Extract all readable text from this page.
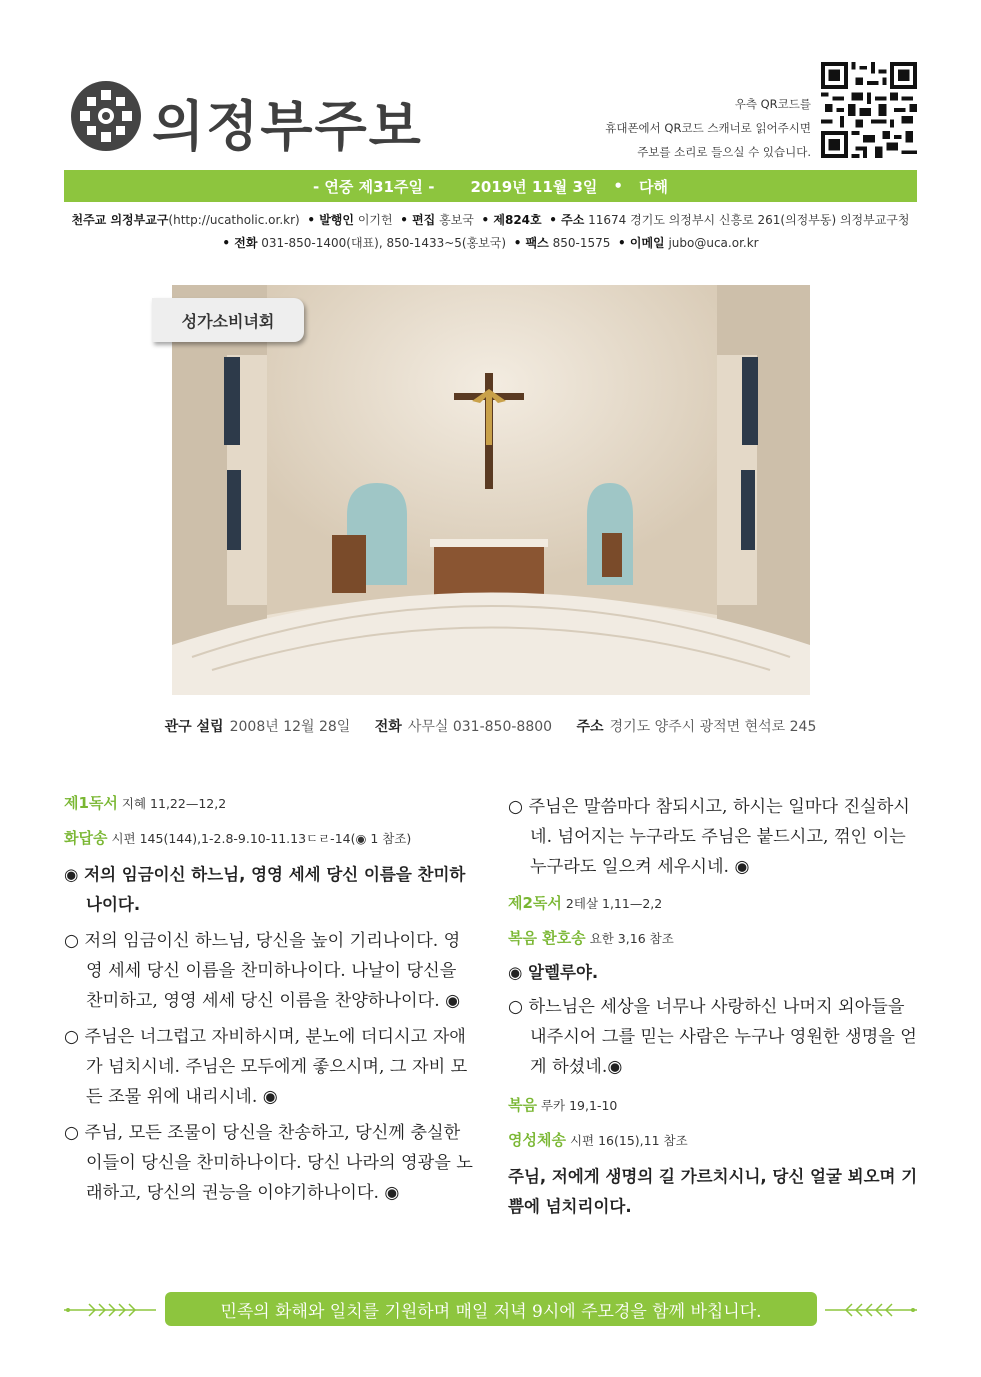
의정부주보	우측 QR코드를
휴대폰에서 QR코드 스캐너로 읽어주시면
주보를 소리로 들으실 수 있습니다.
- 연중 제31주일 - 2019년 11월 3일 • 다해
천주교 의정부교구(http://ucatholic.or.kr) • 발행인 이기헌 • 편집 홍보국 • 제824호 • 주소 11674 경기도 의정부시 신흥로 261(의정부동) 의정부교구청
• 전화 031-850-1400(대표), 850-1433~5(홍보국) • 팩스 850-1575 • 이메일 jubo@uca.or.kr
성가소비녀회
관구 설립 2008년 12월 28일 전화 사무실 031-850-8800 주소 경기도 양주시 광적면 현석로 245
제1독서 지혜 11,22—12,2
화답송 시편 145(144),1-2.8-9.10-11.13ㄷㄹ-14(◉ 1 참조)
◉ 저의 임금이신 하느님, 영영 세세 당신 이름을 찬미하나이다.
○ 저의 임금이신 하느님, 당신을 높이 기리나이다. 영영 세세 당신 이름을 찬미하나이다. 나날이 당신을 찬미하고, 영영 세세 당신 이름을 찬양하나이다. ◉
○ 주님은 너그럽고 자비하시며, 분노에 더디시고 자애가 넘치시네. 주님은 모두에게 좋으시며, 그 자비 모든 조물 위에 내리시네. ◉
○ 주님, 모든 조물이 당신을 찬송하고, 당신께 충실한 이들이 당신을 찬미하나이다. 당신 나라의 영광을 노래하고, 당신의 권능을 이야기하나이다. ◉
○ 주님은 말씀마다 참되시고, 하시는 일마다 진실하시네. 넘어지는 누구라도 주님은 붙드시고, 꺾인 이는 누구라도 일으켜 세우시네. ◉
제2독서 2테살 1,11—2,2
복음 환호송 요한 3,16 참조
◉ 알렐루야.
○ 하느님은 세상을 너무나 사랑하신 나머지 외아들을 내주시어 그를 믿는 사람은 누구나 영원한 생명을 얻게 하셨네.◉
복음 루카 19,1-10
영성체송 시편 16(15),11 참조
주님, 저에게 생명의 길 가르치시니, 당신 얼굴 뵈오며 기쁨에 넘치리이다.
민족의 화해와 일치를 기원하며 매일 저녁 9시에 주모경을 함께 바칩니다.
